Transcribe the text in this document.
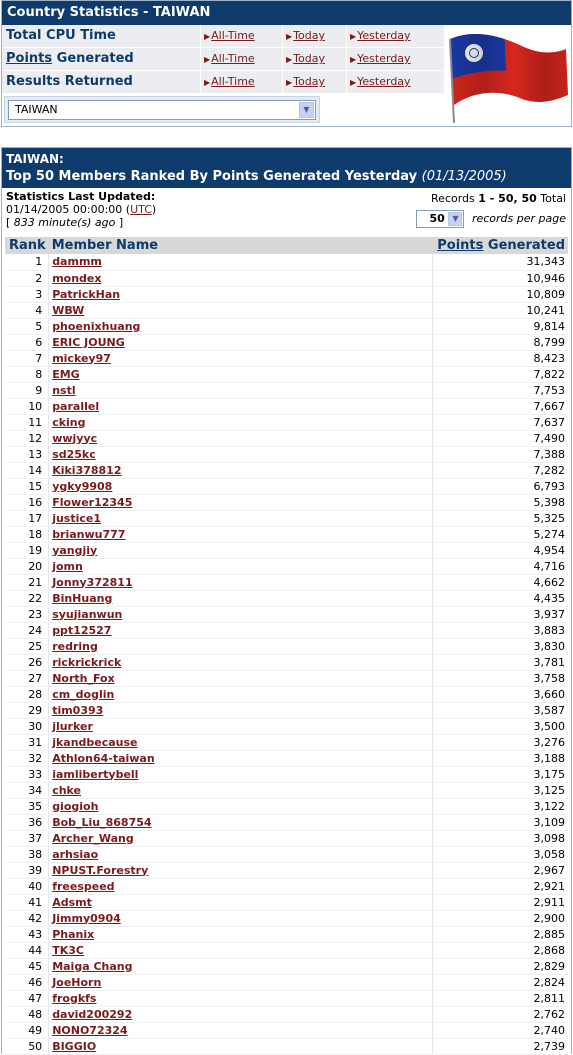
Country Statistics - TAIWAN
Total CPU Time	▶All-Time	▶Today	▶Yesterday
Points Generated	▶All-Time	▶Today	▶Yesterday
Results Returned	▶All-Time	▶Today	▶Yesterday
TAIWAN	▼
TAIWAN:
Top 50 Members Ranked By Points Generated Yesterday (01/13/2005)
Statistics Last Updated:
01/14/2005 00:00:00 (UTC)
[ 833 minute(s) ago ]
Records 1 - 50, 50 Total
50 ▼	records per page
Rank	Member Name	Points Generated
1	dammm	31,343
2	mondex	10,946
3	PatrickHan	10,809
4	WBW	10,241
5	phoenixhuang	9,814
6	ERIC JOUNG	8,799
7	mickey97	8,423
8	EMG	7,822
9	nstl	7,753
10	parallel	7,667
11	cking	7,637
12	wwjyyc	7,490
13	sd25kc	7,388
14	Kiki378812	7,282
15	ygky9908	6,793
16	Flower12345	5,398
17	justice1	5,325
18	brianwu777	5,274
19	yangjiy	4,954
20	jomn	4,716
21	Jonny372811	4,662
22	BinHuang	4,435
23	syujianwun	3,937
24	ppt12527	3,883
25	redring	3,830
26	rickrickrick	3,781
27	North_Fox	3,758
28	cm_doglin	3,660
29	tim0393	3,587
30	jlurker	3,500
31	jkandbecause	3,276
32	Athlon64-taiwan	3,188
33	iamlibertybell	3,175
34	chke	3,125
35	giogioh	3,122
36	Bob_Liu_868754	3,109
37	Archer_Wang	3,098
38	arhsiao	3,058
39	NPUST.Forestry	2,967
40	freespeed	2,921
41	Adsmt	2,911
42	Jimmy0904	2,900
43	Phanix	2,885
44	TK3C	2,868
45	Maiga Chang	2,829
46	JoeHorn	2,824
47	frogkfs	2,811
48	david200292	2,762
49	NONO72324	2,740
50	BIGGIO	2,739
